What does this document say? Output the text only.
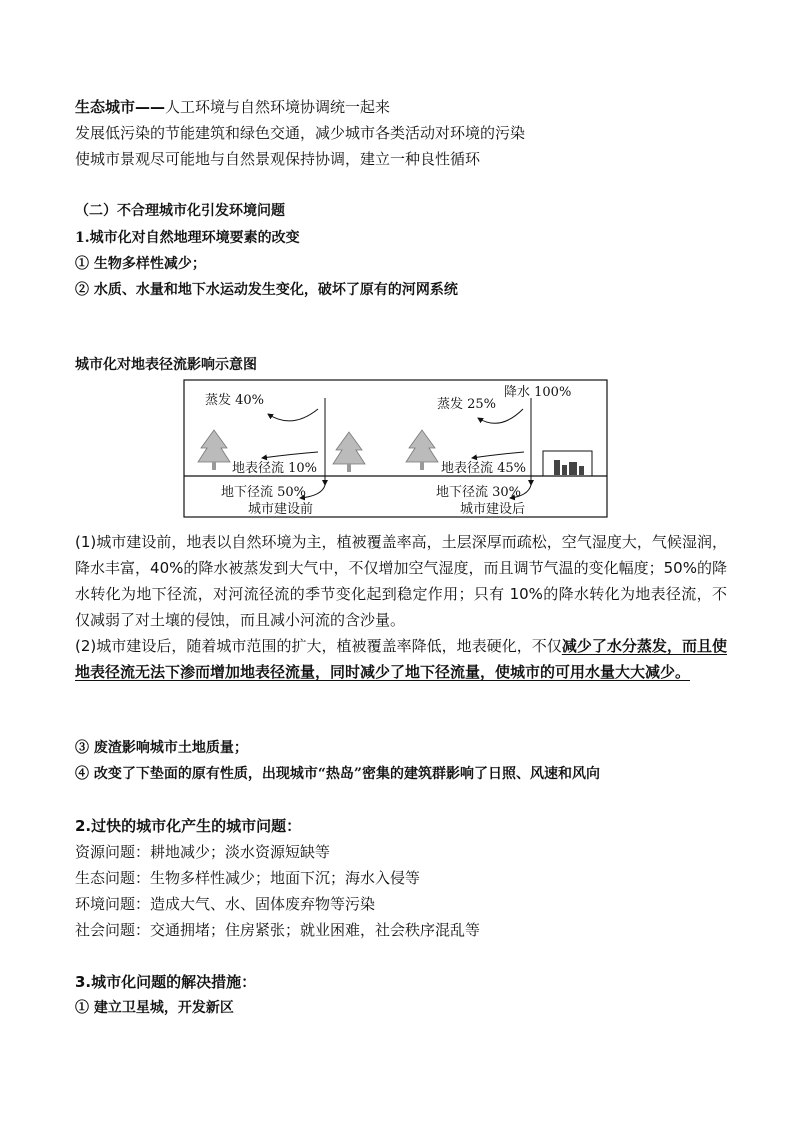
生态城市——人工环境与自然环境协调统一起来
发展低污染的节能建筑和绿色交通，减少城市各类活动对环境的污染
使城市景观尽可能地与自然景观保持协调，建立一种良性循环
（二）不合理城市化引发环境问题
1.城市化对自然地理环境要素的改变
① 生物多样性减少；
② 水质、水量和地下水运动发生变化，破坏了原有的河网系统
城市化对地表径流影响示意图
蒸发 40%
地表径流 10%
地下径流 50%
城市建设前
降水 100%
蒸发 25%
地表径流 45%
地下径流 30%
城市建设后
(1)城市建设前，地表以自然环境为主，植被覆盖率高，土层深厚而疏松，空气湿度大，气候湿润，降水丰富，40%的降水被蒸发到大气中，不仅增加空气湿度，而且调节气温的变化幅度；50%的降水转化为地下径流，对河流径流的季节变化起到稳定作用；只有 10%的降水转化为地表径流，不仅减弱了对土壤的侵蚀，而且减小河流的含沙量。
(2)城市建设后，随着城市范围的扩大，植被覆盖率降低，地表硬化，不仅减少了水分蒸发，而且使地表径流无法下渗而增加地表径流量，同时减少了地下径流量，使城市的可用水量大大减少。
③ 废渣影响城市土地质量；
④ 改变了下垫面的原有性质，出现城市“热岛”密集的建筑群影响了日照、风速和风向
2.过快的城市化产生的城市问题：
资源问题：耕地减少；淡水资源短缺等
生态问题：生物多样性减少；地面下沉；海水入侵等
环境问题：造成大气、水、固体废弃物等污染
社会问题：交通拥堵；住房紧张；就业困难，社会秩序混乱等
3.城市化问题的解决措施：
① 建立卫星城，开发新区
